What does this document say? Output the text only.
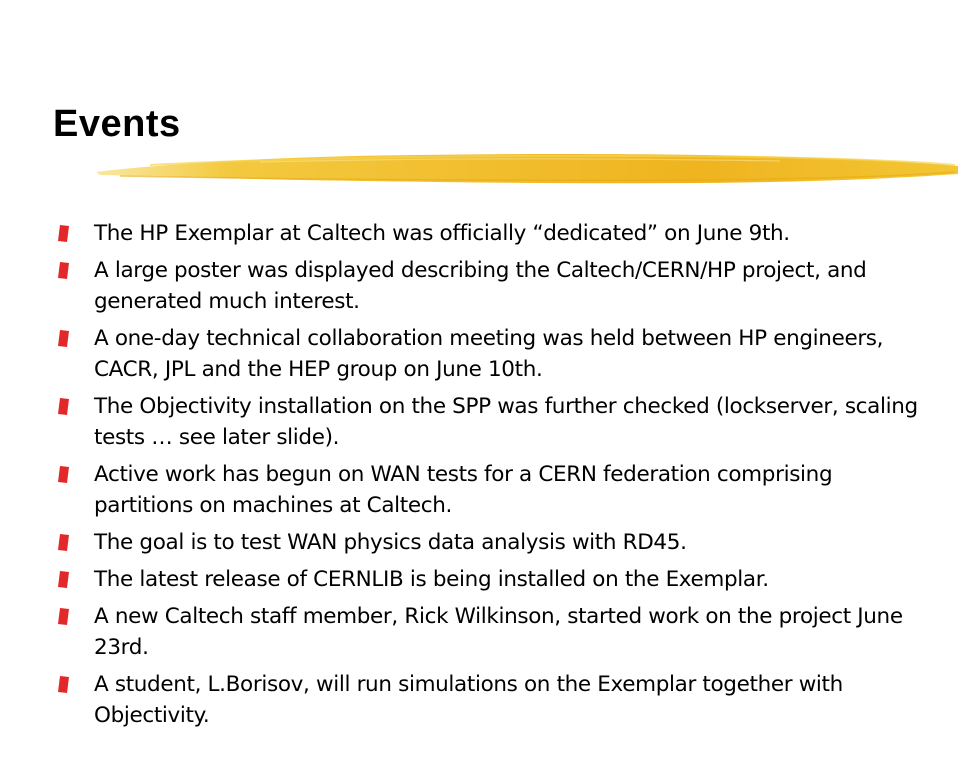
Events
The HP Exemplar at Caltech was officially “dedicated” on June 9th.
A large poster was displayed describing the Caltech/CERN/HP project, and generated much interest.
A one-day technical collaboration meeting was held between HP engineers, CACR, JPL and the HEP group on June 10th.
The Objectivity installation on the SPP was further checked (lockserver, scaling tests … see later slide).
Active work has begun on WAN tests for a CERN federation comprising partitions on machines at Caltech.
The goal is to test WAN physics data analysis with RD45.
The latest release of CERNLIB is being installed on the Exemplar.
A new Caltech staff member, Rick Wilkinson, started work on the project June 23rd.
A student, L.Borisov, will run simulations on the Exemplar together with Objectivity.
